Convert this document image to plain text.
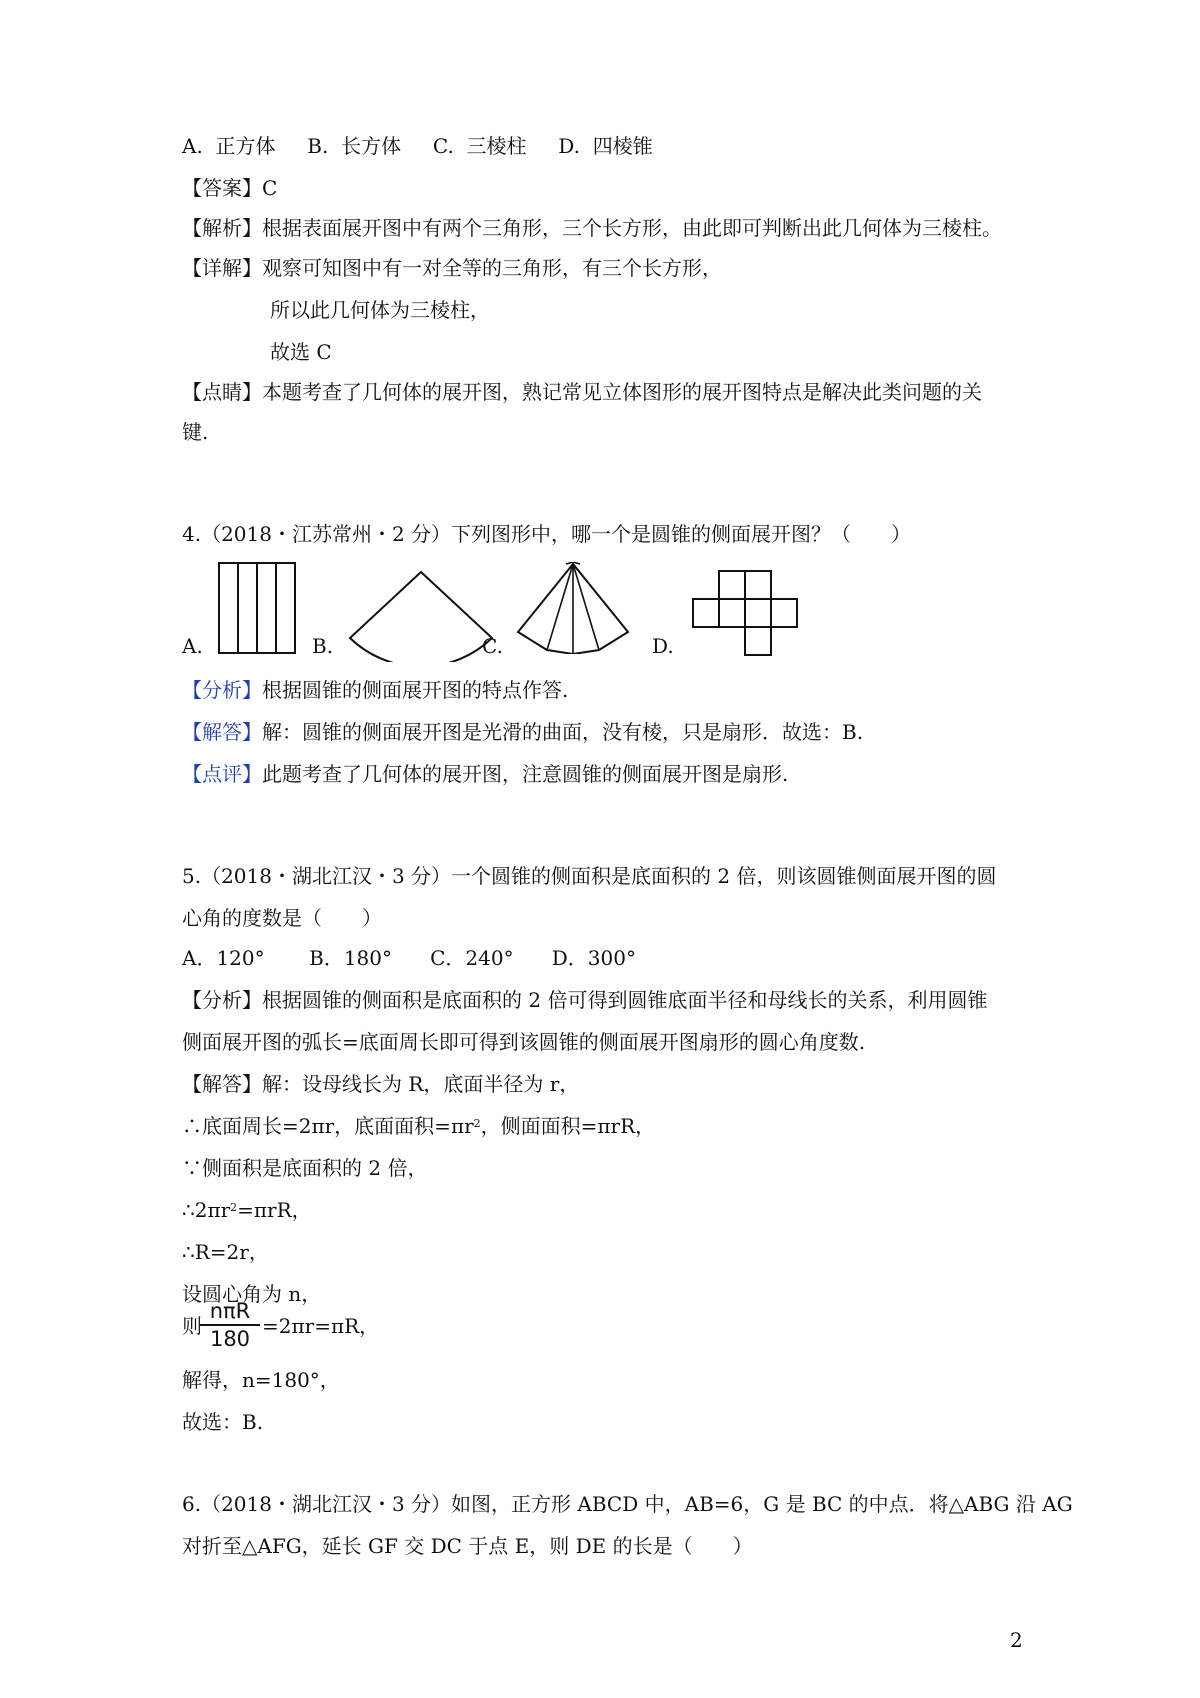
A.  正方体     B.  长方体     C.  三棱柱     D.  四棱锥
【答案】C
【解析】根据表面展开图中有两个三角形，三个长方形，由此即可判断出此几何体为三棱柱。
【详解】观察可知图中有一对全等的三角形，有三个长方形，
所以此几何体为三棱柱，
故选 C
【点睛】本题考查了几何体的展开图，熟记常见立体图形的展开图特点是解决此类问题的关
键.
4.（2018・江苏常州・2 分）下列图形中，哪一个是圆锥的侧面展开图？（　　）
A.	B.	C.	D.
【分析】根据圆锥的侧面展开图的特点作答.
【解答】解：圆锥的侧面展开图是光滑的曲面，没有棱，只是扇形．故选：B.
【点评】此题考查了几何体的展开图，注意圆锥的侧面展开图是扇形.
5.（2018・湖北江汉・3 分）一个圆锥的侧面积是底面积的 2 倍，则该圆锥侧面展开图的圆
心角的度数是（　　）
A．120°       B．180°      C．240°      D．300°
【分析】根据圆锥的侧面积是底面积的 2 倍可得到圆锥底面半径和母线长的关系，利用圆锥
侧面展开图的弧长=底面周长即可得到该圆锥的侧面展开图扇形的圆心角度数.
【解答】解：设母线长为 R，底面半径为 r，
∴底面周长=2πr，底面面积$=\pi r^2$，侧面面积=πrR，
∵侧面积是底面积的 2 倍，
$\therefore 2\pi r^2=\pi rR$，
∴R=2r，
设圆心角为 n，
则
nπR
180
=2πr=πR，
解得，n=180°，
故选：B.
6.（2018・湖北江汉・3 分）如图，正方形 ABCD 中，AB=6，G 是 BC 的中点．将△ABG 沿 AG
对折至△AFG，延长 GF 交 DC 于点 E，则 DE 的长是（　　）
2
